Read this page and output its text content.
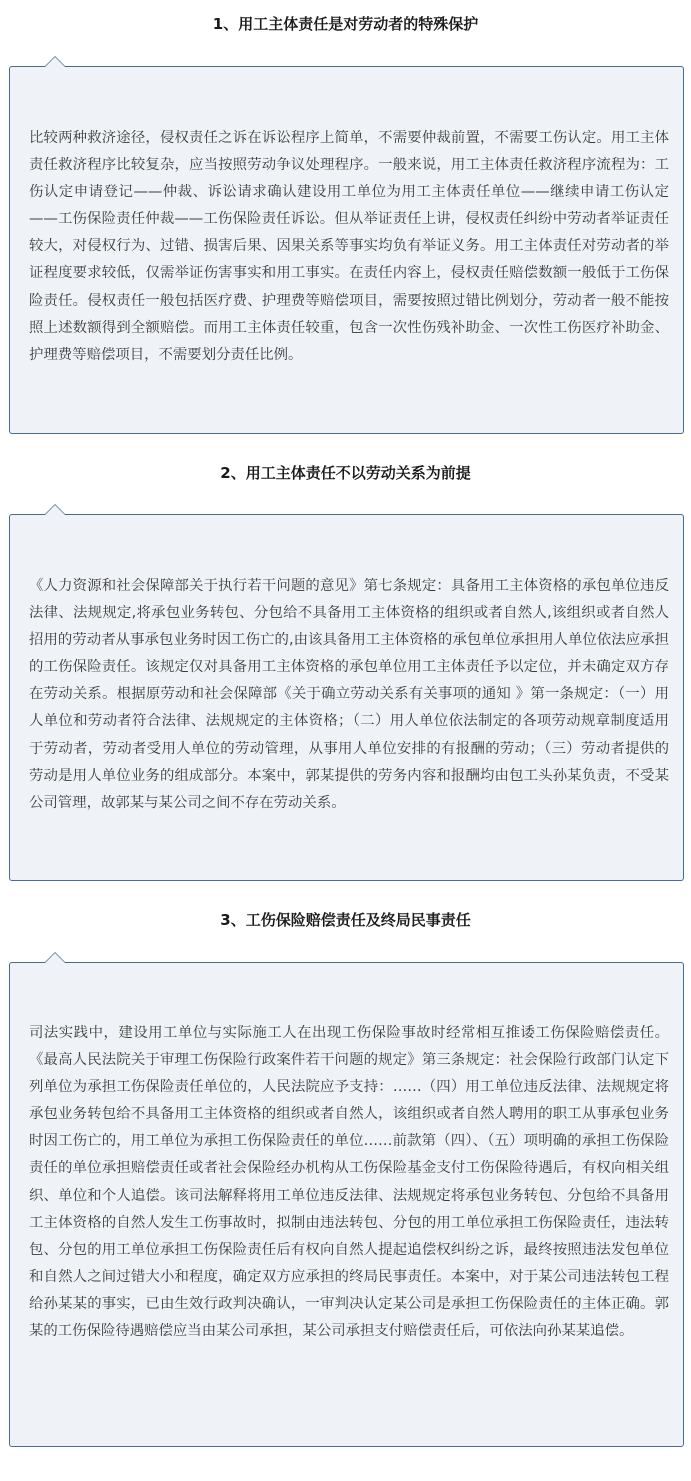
1、用工主体责任是对劳动者的特殊保护

比较两种救济途径，侵权责任之诉在诉讼程序上简单，不需要仲裁前置，不需要工伤认定。用工主体责任救济程序比较复杂，应当按照劳动争议处理程序。一般来说，用工主体责任救济程序流程为：工伤认定申请登记——仲裁、诉讼请求确认建设用工单位为用工主体责任单位——继续申请工伤认定——工伤保险责任仲裁——工伤保险责任诉讼。但从举证责任上讲，侵权责任纠纷中劳动者举证责任较大，对侵权行为、过错、损害后果、因果关系等事实均负有举证义务。用工主体责任对劳动者的举证程度要求较低，仅需举证伤害事实和用工事实。在责任内容上，侵权责任赔偿数额一般低于工伤保险责任。侵权责任一般包括医疗费、护理费等赔偿项目，需要按照过错比例划分，劳动者一般不能按照上述数额得到全额赔偿。而用工主体责任较重，包含一次性伤残补助金、一次性工伤医疗补助金、护理费等赔偿项目，不需要划分责任比例。

2、用工主体责任不以劳动关系为前提

《人力资源和社会保障部关于执行若干问题的意见》第七条规定：具备用工主体资格的承包单位违反法律、法规规定,将承包业务转包、分包给不具备用工主体资格的组织或者自然人,该组织或者自然人招用的劳动者从事承包业务时因工伤亡的,由该具备用工主体资格的承包单位承担用人单位依法应承担的工伤保险责任。该规定仅对具备用工主体资格的承包单位用工主体责任予以定位，并未确定双方存在劳动关系。根据原劳动和社会保障部《关于确立劳动关系有关事项的通知 》第一条规定：（一）用人单位和劳动者符合法律、法规规定的主体资格；（二）用人单位依法制定的各项劳动规章制度适用于劳动者，劳动者受用人单位的劳动管理，从事用人单位安排的有报酬的劳动；（三）劳动者提供的劳动是用人单位业务的组成部分。本案中，郭某提供的劳务内容和报酬均由包工头孙某负责，不受某公司管理，故郭某与某公司之间不存在劳动关系。

3、工伤保险赔偿责任及终局民事责任

司法实践中，建设用工单位与实际施工人在出现工伤保险事故时经常相互推诿工伤保险赔偿责任。《最高人民法院关于审理工伤保险行政案件若干问题的规定》第三条规定：社会保险行政部门认定下列单位为承担工伤保险责任单位的，人民法院应予支持：……（四）用工单位违反法律、法规规定将承包业务转包给不具备用工主体资格的组织或者自然人，该组织或者自然人聘用的职工从事承包业务时因工伤亡的，用工单位为承担工伤保险责任的单位……前款第（四）、（五）项明确的承担工伤保险责任的单位承担赔偿责任或者社会保险经办机构从工伤保险基金支付工伤保险待遇后，有权向相关组织、单位和个人追偿。该司法解释将用工单位违反法律、法规规定将承包业务转包、分包给不具备用工主体资格的自然人发生工伤事故时，拟制由违法转包、分包的用工单位承担工伤保险责任，违法转包、分包的用工单位承担工伤保险责任后有权向自然人提起追偿权纠纷之诉，最终按照违法发包单位和自然人之间过错大小和程度，确定双方应承担的终局民事责任。本案中，对于某公司违法转包工程给孙某某的事实，已由生效行政判决确认，一审判决认定某公司是承担工伤保险责任的主体正确。郭某的工伤保险待遇赔偿应当由某公司承担，某公司承担支付赔偿责任后，可依法向孙某某追偿。
